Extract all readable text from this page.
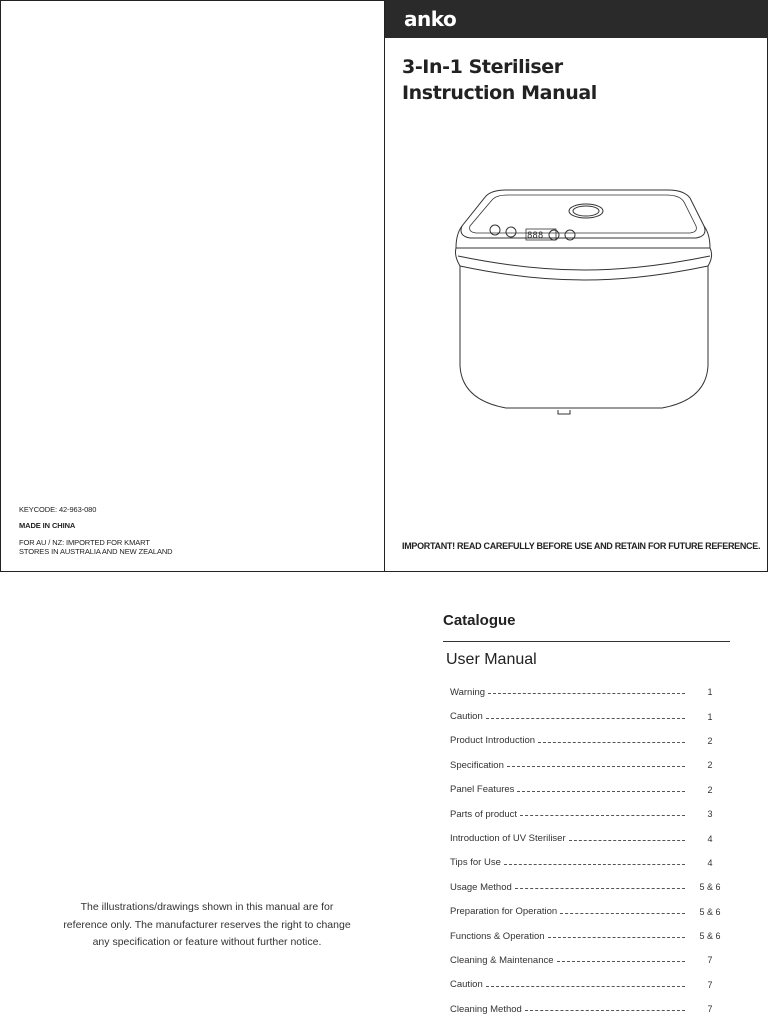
KEYCODE: 42-963-080
MADE IN CHINA
FOR AU / NZ: IMPORTED FOR KMART
STORES IN AUSTRALIA AND NEW ZEALAND
anko
3-In-1 Steriliser
Instruction Manual
888
IMPORTANT! READ CAREFULLY BEFORE USE AND RETAIN FOR FUTURE REFERENCE.
The illustrations/drawings shown in this manual are for reference only. The manufacturer reserves the right to change any specification or feature without further notice.
Catalogue
User Manual
Warning	1
Caution	1
Product Introduction	2
Specification	2
Panel Features	2
Parts of product	3
Introduction of UV Steriliser	4
Tips for Use	4
Usage Method	5 & 6
Preparation for Operation	5 & 6
Functions & Operation	5 & 6
Cleaning & Maintenance	7
Caution	7
Cleaning Method	7
